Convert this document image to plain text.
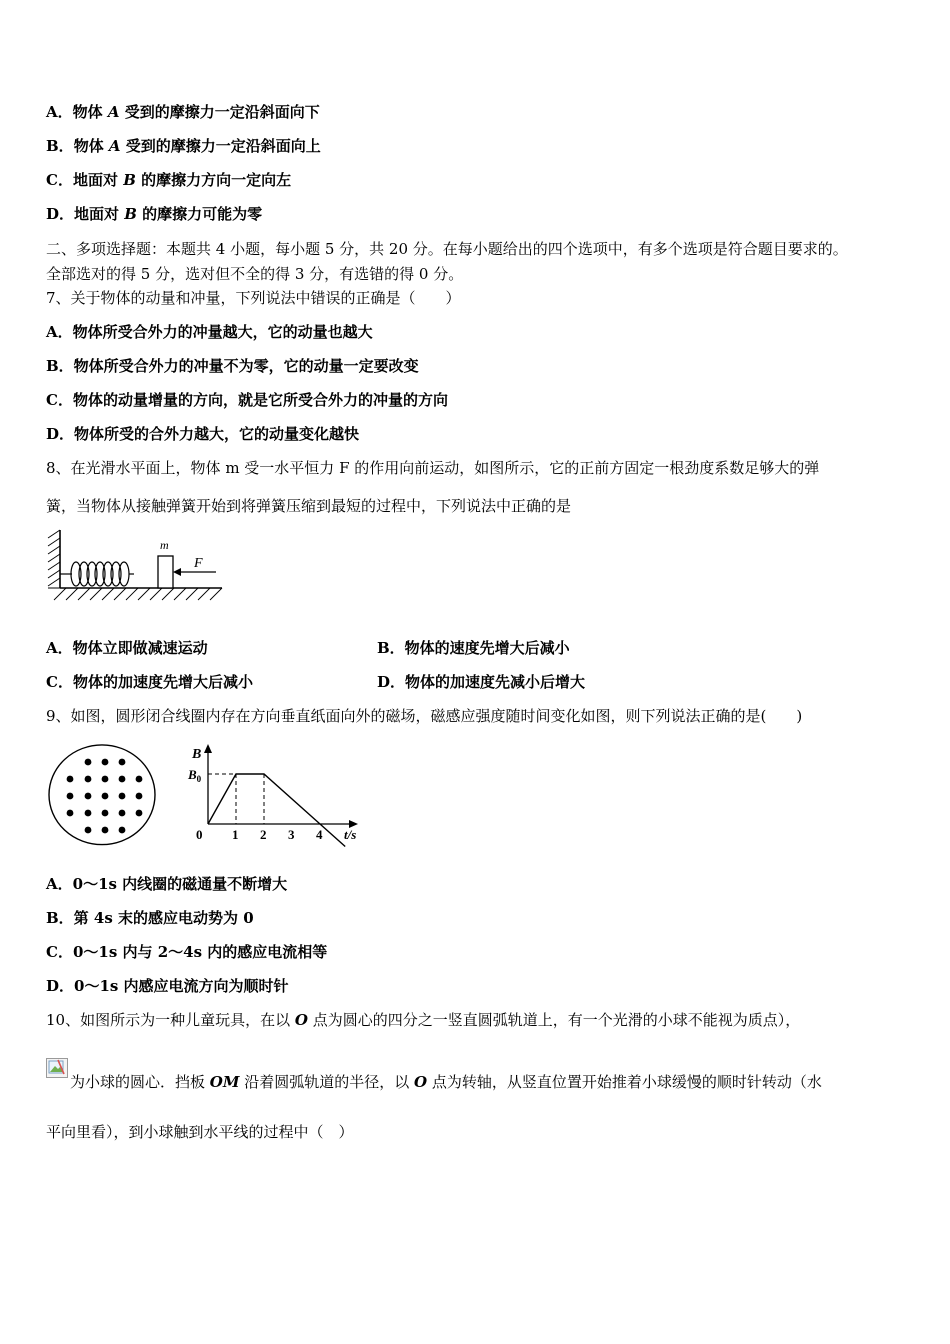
A．物体 A 受到的摩擦力一定沿斜面向下
B．物体 A 受到的摩擦力一定沿斜面向上
C．地面对 B 的摩擦力方向一定向左
D．地面对 B 的摩擦力可能为零
二、多项选择题：本题共 4 小题，每小题 5 分，共 20 分。在每小题给出的四个选项中，有多个选项是符合题目要求的。
全部选对的得 5 分，选对但不全的得 3 分，有选错的得 0 分。
7、关于物体的动量和冲量，下列说法中错误的正确是（　　）
A．物体所受合外力的冲量越大，它的动量也越大
B．物体所受合外力的冲量不为零，它的动量一定要改变
C．物体的动量增量的方向，就是它所受合外力的冲量的方向
D．物体所受的合外力越大，它的动量变化越快
8、在光滑水平面上，物体 m 受一水平恒力 F 的作用向前运动，如图所示，它的正前方固定一根劲度系数足够大的弹
簧，当物体从接触弹簧开始到将弹簧压缩到最短的过程中，下列说法中正确的是
m
F
A．物体立即做减速运动	B．物体的速度先增大后减小
C．物体的加速度先增大后减小	D．物体的加速度先减小后增大
9、如图，圆形闭合线圈内存在方向垂直纸面向外的磁场，磁感应强度随时间变化如图，则下列说法正确的是(　　)
B
$B_0$
0 1 2 3 4 t/s
A．0～1s 内线圈的磁通量不断增大
B．第 4s 末的感应电动势为 0
C．0～1s 内与 2～4s 内的感应电流相等
D．0～1s 内感应电流方向为顺时针
10、如图所示为一种儿童玩具，在以 O 点为圆心的四分之一竖直圆弧轨道上，有一个光滑的小球不能视为质点），
为小球的圆心．挡板 OM 沿着圆弧轨道的半径，以 O 点为转轴，从竖直位置开始推着小球缓慢的顺时针转动（水
平向里看），到小球触到水平线的过程中（　）
